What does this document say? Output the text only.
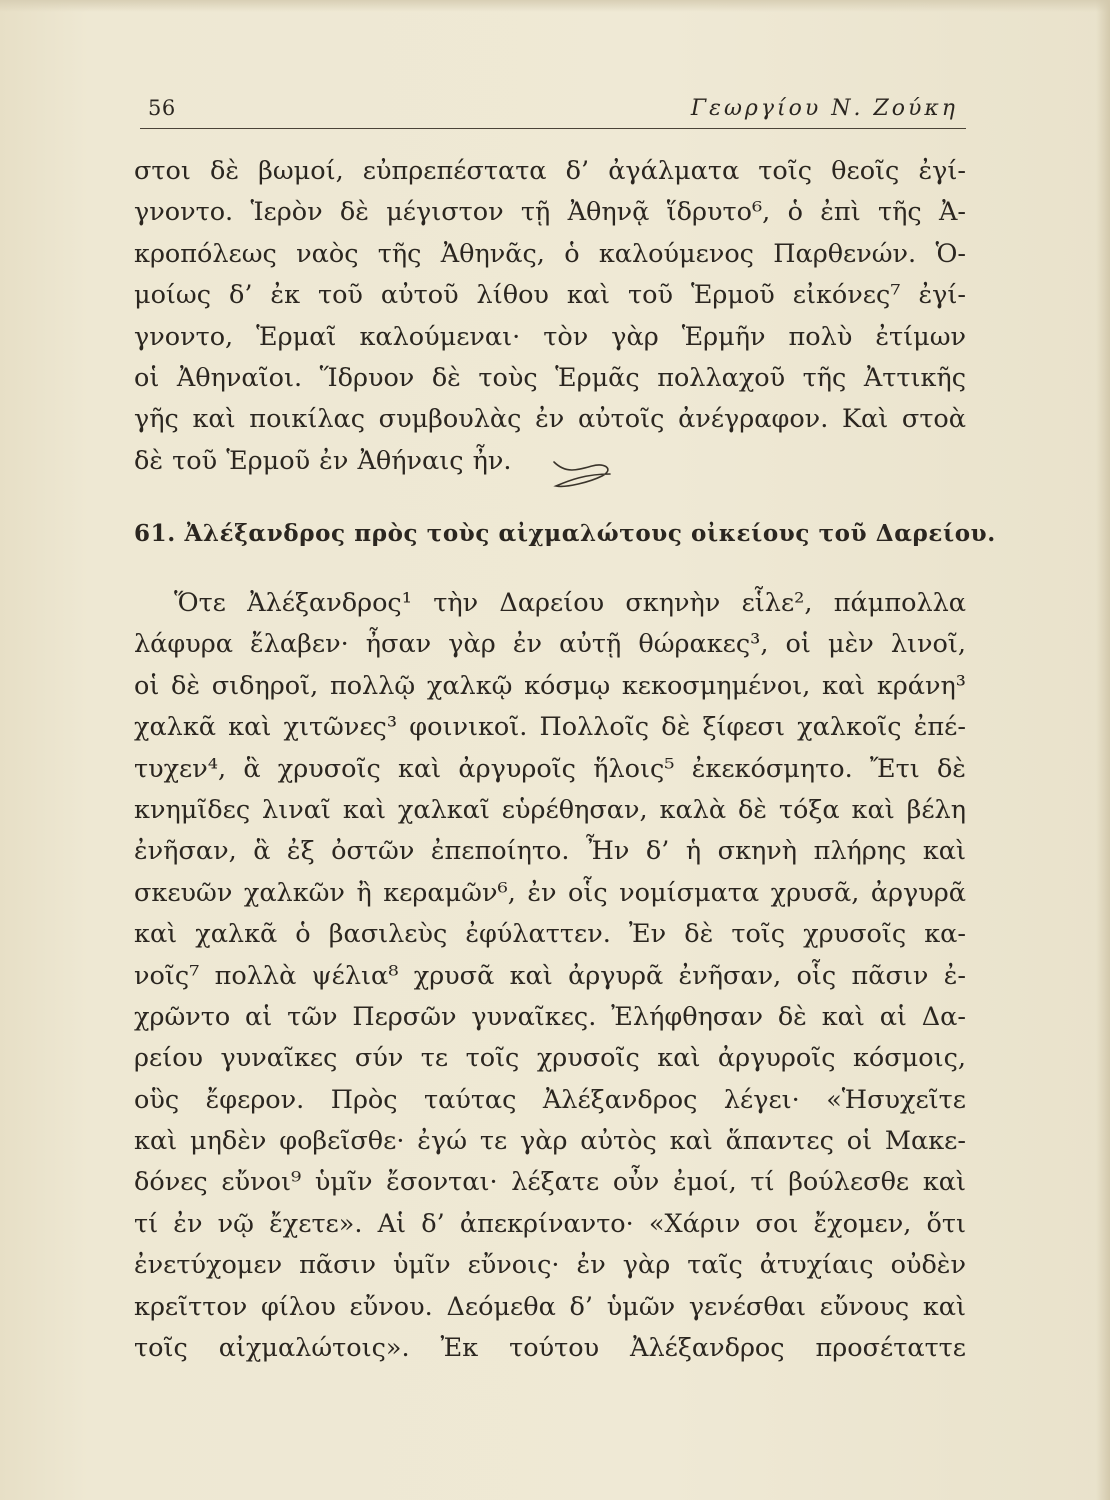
56	Γεωργίου Ν. Ζούκη
στοι δὲ βωμοί, εὐπρεπέστατα δ’ ἀγάλματα τοῖς θεοῖς ἐγί-
γνοντο. Ἱερὸν δὲ μέγιστον τῇ Ἀθηνᾷ ἵδρυτο⁶, ὁ ἐπὶ τῆς Ἀ-
κροπόλεως ναὸς τῆς Ἀθηνᾶς, ὁ καλούμενος Παρθενών. Ὁ-
μοίως δ’ ἐκ τοῦ αὐτοῦ λίθου καὶ τοῦ Ἑρμοῦ εἰκόνες⁷ ἐγί-
γνοντο, Ἑρμαῖ καλούμεναι· τὸν γὰρ Ἑρμῆν πολὺ ἐτίμων
οἱ Ἀθηναῖοι. Ἵδρυον δὲ τοὺς Ἑρμᾶς πολλαχοῦ τῆς Ἀττικῆς
γῆς καὶ ποικίλας συμβουλὰς ἐν αὐτοῖς ἀνέγραφον. Καὶ στοὰ
δὲ τοῦ Ἑρμοῦ ἐν Ἀθήναις ἦν.
61. Ἀλέξανδρος πρὸς τοὺς αἰχμαλώτους οἰκείους τοῦ Δαρείου.
Ὅτε Ἀλέξανδρος¹ τὴν Δαρείου σκηνὴν εἷλε², πάμπολλα
λάφυρα ἔλαβεν· ἦσαν γὰρ ἐν αὐτῇ θώρακες³, οἱ μὲν λινοῖ,
οἱ δὲ σιδηροῖ, πολλῷ χαλκῷ κόσμῳ κεκοσμημένοι, καὶ κράνη³
χαλκᾶ καὶ χιτῶνες³ φοινικοῖ. Πολλοῖς δὲ ξίφεσι χαλκοῖς ἐπέ-
τυχεν⁴, ἃ χρυσοῖς καὶ ἀργυροῖς ἥλοις⁵ ἐκεκόσμητο. Ἔτι δὲ
κνημῖδες λιναῖ καὶ χαλκαῖ εὑρέθησαν, καλὰ δὲ τόξα καὶ βέλη
ἐνῆσαν, ἃ ἐξ ὀστῶν ἐπεποίητο. Ἦν δ’ ἡ σκηνὴ πλήρης καὶ
σκευῶν χαλκῶν ἢ κεραμῶν⁶, ἐν οἷς νομίσματα χρυσᾶ, ἀργυρᾶ
καὶ χαλκᾶ ὁ βασιλεὺς ἐφύλαττεν. Ἐν δὲ τοῖς χρυσοῖς κα-
νοῖς⁷ πολλὰ ψέλια⁸ χρυσᾶ καὶ ἀργυρᾶ ἐνῆσαν, οἷς πᾶσιν ἐ-
χρῶντο αἱ τῶν Περσῶν γυναῖκες. Ἐλήφθησαν δὲ καὶ αἱ Δα-
ρείου γυναῖκες σύν τε τοῖς χρυσοῖς καὶ ἀργυροῖς κόσμοις,
οὓς ἔφερον. Πρὸς ταύτας Ἀλέξανδρος λέγει· «Ἡσυχεῖτε
καὶ μηδὲν φοβεῖσθε· ἐγώ τε γὰρ αὐτὸς καὶ ἅπαντες οἱ Μακε-
δόνες εὔνοι⁹ ὑμῖν ἔσονται· λέξατε οὖν ἐμοί, τί βούλεσθε καὶ
τί ἐν νῷ ἔχετε». Αἱ δ’ ἀπεκρίναντο· «Χάριν σοι ἔχομεν, ὅτι
ἐνετύχομεν πᾶσιν ὑμῖν εὔνοις· ἐν γὰρ ταῖς ἀτυχίαις οὐδὲν
κρεῖττον φίλου εὔνου. Δεόμεθα δ’ ὑμῶν γενέσθαι εὔνους καὶ
τοῖς αἰχμαλώτοις». Ἐκ τούτου Ἀλέξανδρος προσέταττε
